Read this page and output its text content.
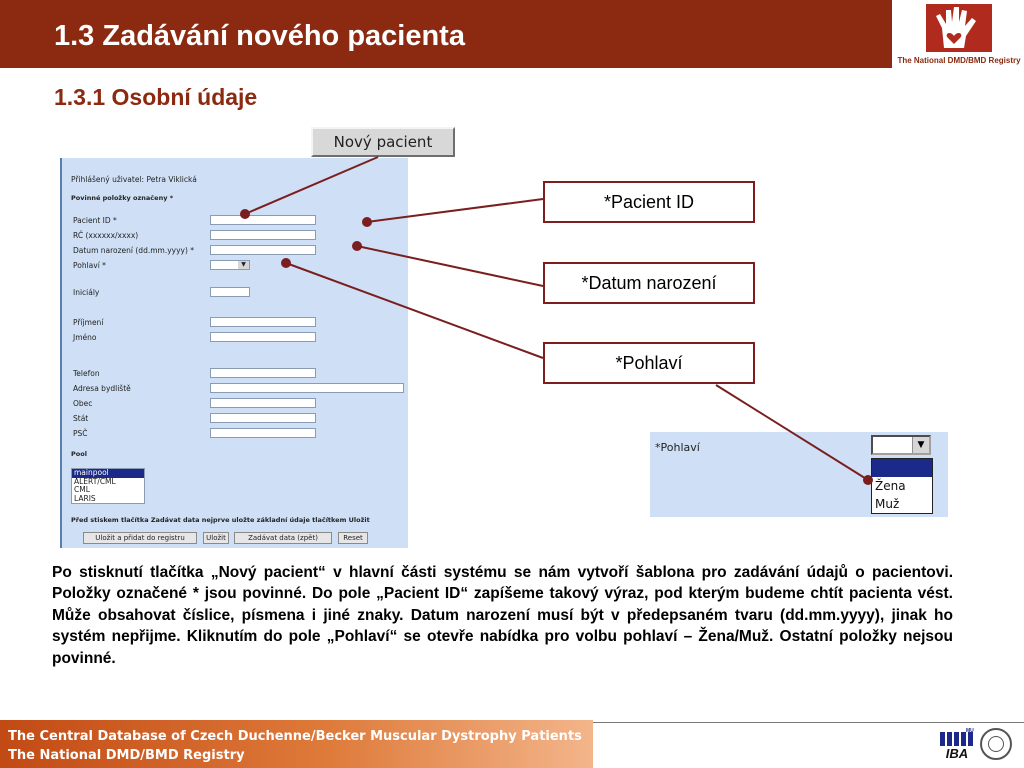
1.3 Zadávání nového pacienta
The National DMD/BMD Registry
1.3.1 Osobní údaje
Nový pacient
Přihlášený uživatel: Petra Viklická
Povinné položky označeny *
Pacient ID *
RČ (xxxxxx/xxxx)
Datum narození (dd.mm.yyyy) *
Pohlaví *	▼
Iniciály
Příjmení
Jméno
Telefon
Adresa bydliště
Obec
Stát
PSČ
Pool
mainpool
ALERT/CML
CML
LARIS
Před stiskem tlačítka Zadávat data nejprve uložte základní údaje tlačítkem Uložit
Uložit a přidat do registru	Uložit	Zadávat data (zpět)	Reset
*Pacient ID
*Datum narození
*Pohlaví
*Pohlaví	▼
Žena
Muž
Po stisknutí tlačítka „Nový pacient“ v hlavní části systému se nám vytvoří šablona pro zadávání údajů o pacientovi. Položky označené * jsou povinné. Do pole „Pacient ID“ zapíšeme takový výraz, pod kterým budeme chtít pacienta vést. Může obsahovat číslice, písmena i jiné znaky. Datum narození musí být v předepsaném tvaru (dd.mm.yyyy), jinak ho systém nepřijme. Kliknutím do pole „Pohlaví“ se otevře nabídka pro volbu pohlaví – Žena/Muž. Ostatní položky nejsou povinné.
The Central Database of Czech Duchenne/Becker Muscular Dystrophy Patients
The National DMD/BMD Registry	IBA
MU
